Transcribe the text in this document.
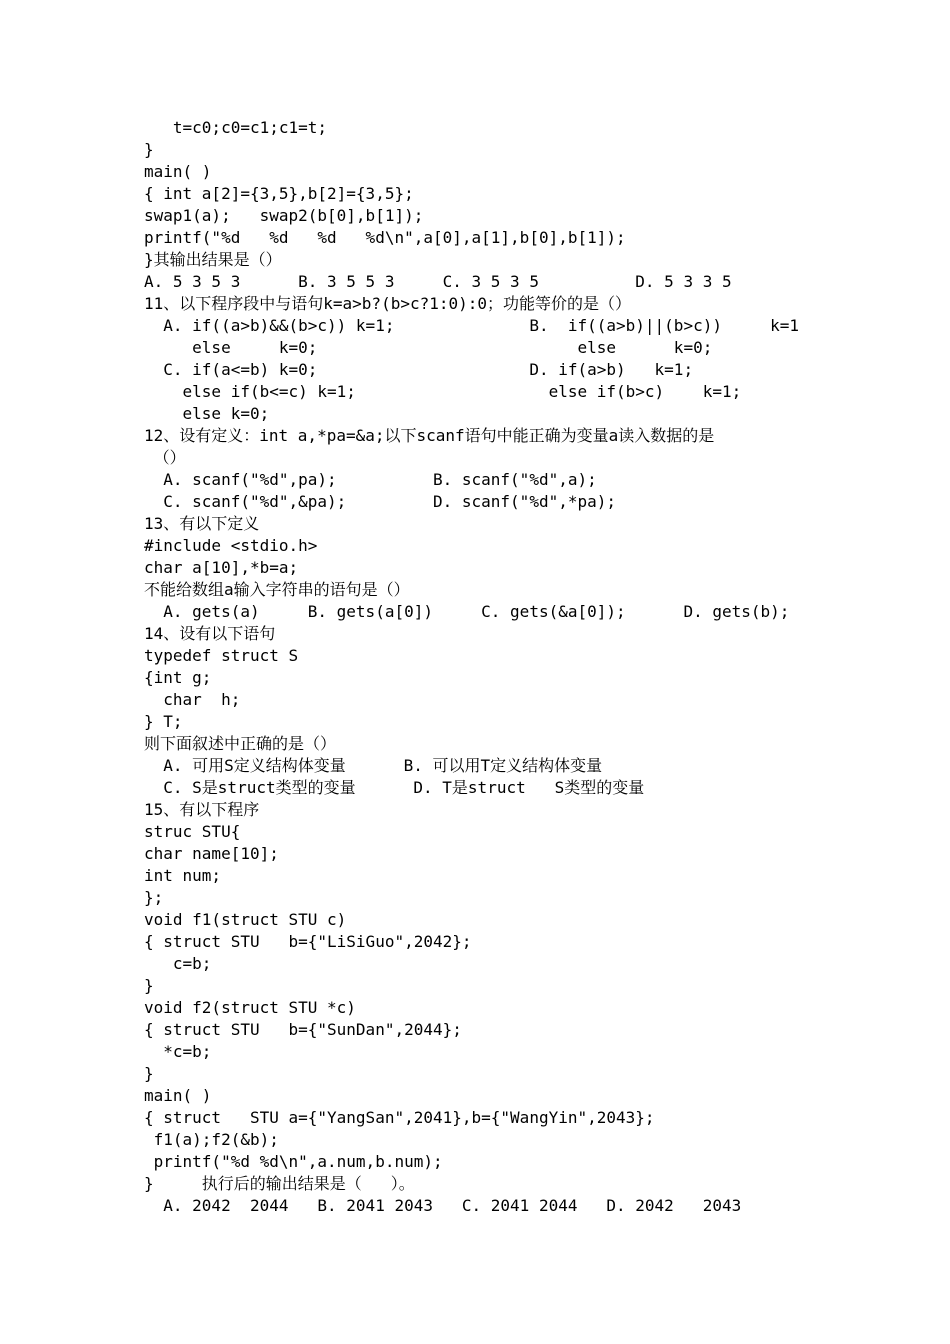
t=c0;c0=c1;c1=t;
}
main( )
{ int a[2]={3,5},b[2]={3,5};
swap1(a);   swap2(b[0],b[1]);
printf("%d   %d   %d   %d\n",a[0],a[1],b[0],b[1]);
}其输出结果是（）
A. 5 3 5 3      B. 3 5 5 3     C. 3 5 3 5          D. 5 3 3 5
11、以下程序段中与语句k=a>b?(b>c?1:0):0；功能等价的是（）
A. if((a>b)&&(b>c)) k=1;              B.  if((a>b)||(b>c))     k=1
else     k=0;                           else      k=0;
C. if(a<=b) k=0;                      D. if(a>b)   k=1;
else if(b<=c) k=1;                    else if(b>c)    k=1;
else k=0;
12、设有定义：int a,*pa=&a;以下scanf语句中能正确为变量a读入数据的是
（）
A. scanf("%d",pa);          B. scanf("%d",a);
C. scanf("%d",&pa);         D. scanf("%d",*pa);
13、有以下定义
#include <stdio.h>
char a[10],*b=a;
不能给数组a输入字符串的语句是（）
A. gets(a)     B. gets(a[0])     C. gets(&a[0]);      D. gets(b);
14、设有以下语句
typedef struct S
{int g;
char  h;
} T;
则下面叙述中正确的是（）
A. 可用S定义结构体变量      B. 可以用T定义结构体变量
C. S是struct类型的变量      D. T是struct   S类型的变量
15、有以下程序
struc STU{
char name[10];
int num;
};
void f1(struct STU c)
{ struct STU   b={"LiSiGuo",2042};
c=b;
}
void f2(struct STU *c)
{ struct STU   b={"SunDan",2044};
*c=b;
}
main( )
{ struct   STU a={"YangSan",2041},b={"WangYin",2043};
f1(a);f2(&b);
printf("%d %d\n",a.num,b.num);
}     执行后的输出结果是（   ）。
A. 2042  2044   B. 2041 2043   C. 2041 2044   D. 2042   2043
